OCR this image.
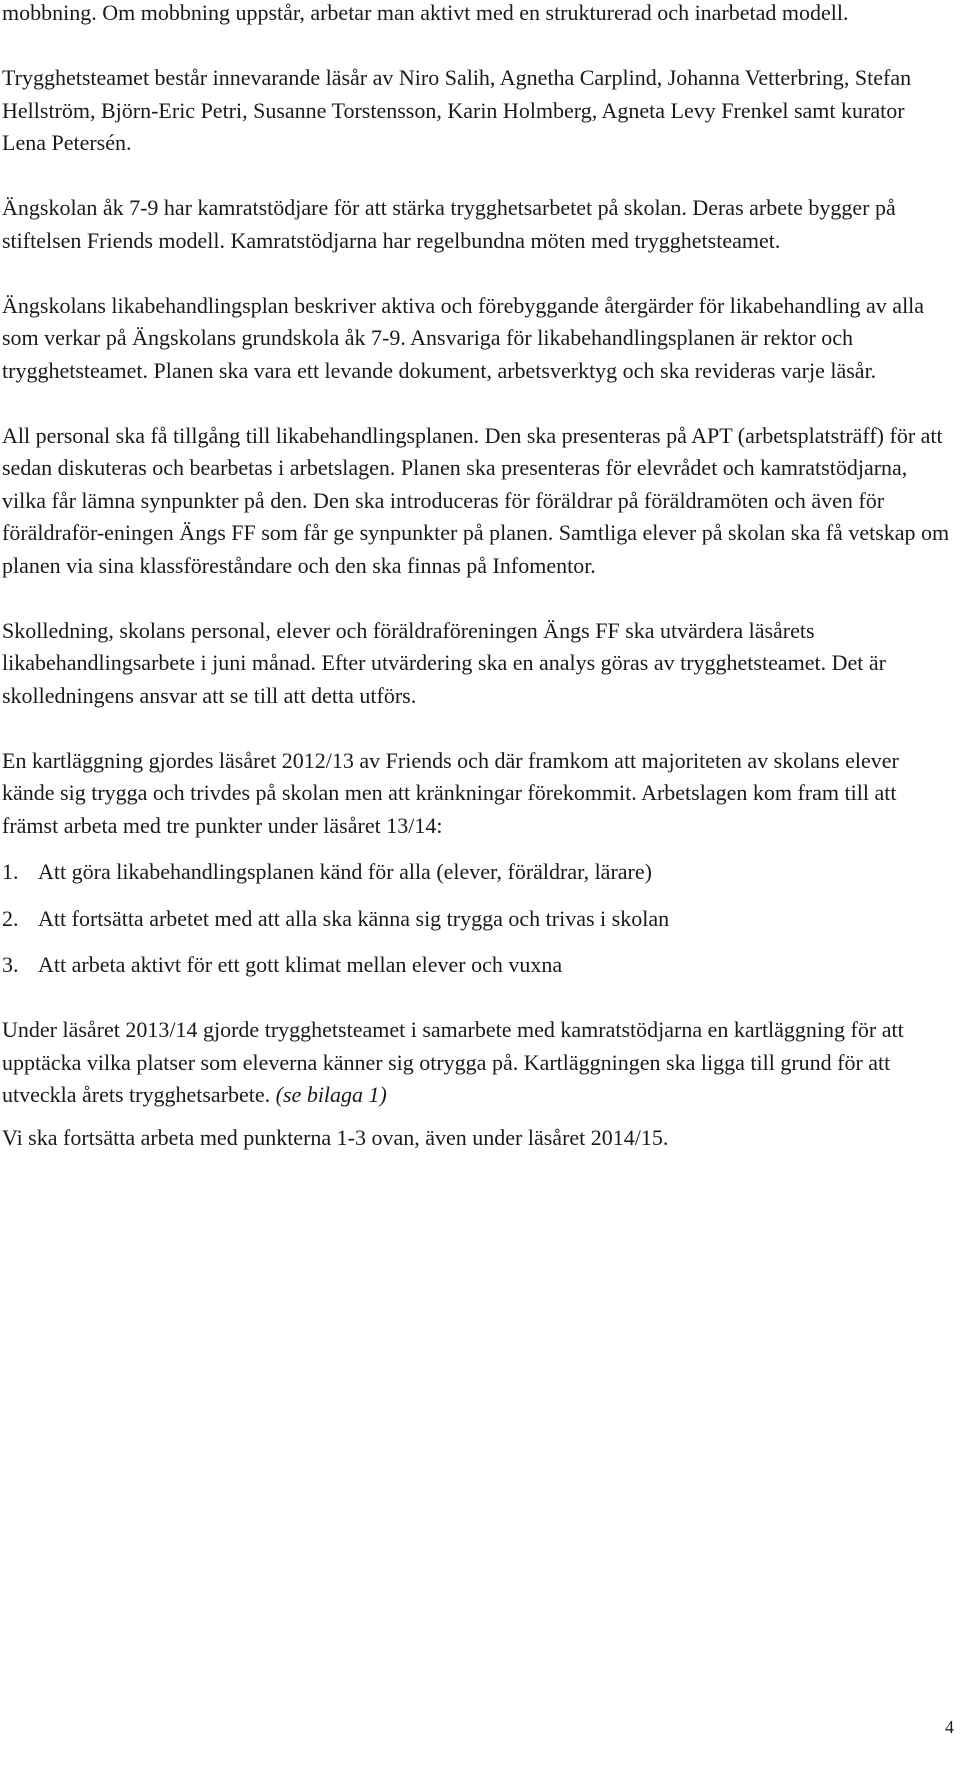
mobbning. Om mobbning uppstår, arbetar man aktivt med en strukturerad och inarbetad modell.

Trygghetsteamet består innevarande läsår av Niro Salih, Agnetha Carplind, Johanna Vetterbring, Stefan Hellström, Björn-Eric Petri, Susanne Torstensson, Karin Holmberg, Agneta Levy Frenkel samt kurator Lena Petersén.

Ängskolan åk 7-9 har kamratstödjare för att stärka trygghetsarbetet på skolan. Deras arbete bygger på stiftelsen Friends modell. Kamratstödjarna har regelbundna möten med trygghetsteamet.

Ängskolans likabehandlingsplan beskriver aktiva och förebyggande återgärder för likabehandling av alla som verkar på Ängskolans grundskola åk 7-9. Ansvariga för likabehandlingsplanen är rektor och trygghetsteamet. Planen ska vara ett levande dokument, arbetsverktyg och ska revideras varje läsår.

All personal ska få tillgång till likabehandlingsplanen. Den ska presenteras på APT (arbetsplatsträff) för att sedan diskuteras och bearbetas i arbetslagen. Planen ska presenteras för elevrådet och kamratstödjarna, vilka får lämna synpunkter på den. Den ska introduceras för föräldrar på föräldramöten och även för föräldraför-eningen Ängs FF som får ge synpunkter på planen. Samtliga elever på skolan ska få vetskap om planen via sina klassföreståndare och den ska finnas på Infomentor.

Skolledning, skolans personal, elever och föräldraföreningen Ängs FF ska utvärdera läsårets likabehandlingsarbete i juni månad. Efter utvärdering ska en analys göras av trygghetsteamet. Det är skolledningens ansvar att se till att detta utförs.

En kartläggning gjordes läsåret 2012/13 av Friends och där framkom att majoriteten av skolans elever kände sig trygga och trivdes på skolan men att kränkningar förekommit. Arbetslagen kom fram till att främst arbeta med tre punkter under läsåret 13/14:

1. Att göra likabehandlingsplanen känd för alla (elever, föräldrar, lärare)
2. Att fortsätta arbetet med att alla ska känna sig trygga och trivas i skolan
3. Att arbeta aktivt för ett gott klimat mellan elever och vuxna

Under läsåret 2013/14 gjorde trygghetsteamet i samarbete med kamratstödjarna en kartläggning för att upptäcka vilka platser som eleverna känner sig otrygga på. Kartläggningen ska ligga till grund för att utveckla årets trygghetsarbete. (se bilaga 1)

Vi ska fortsätta arbeta med punkterna 1-3 ovan, även under läsåret 2014/15.

4
